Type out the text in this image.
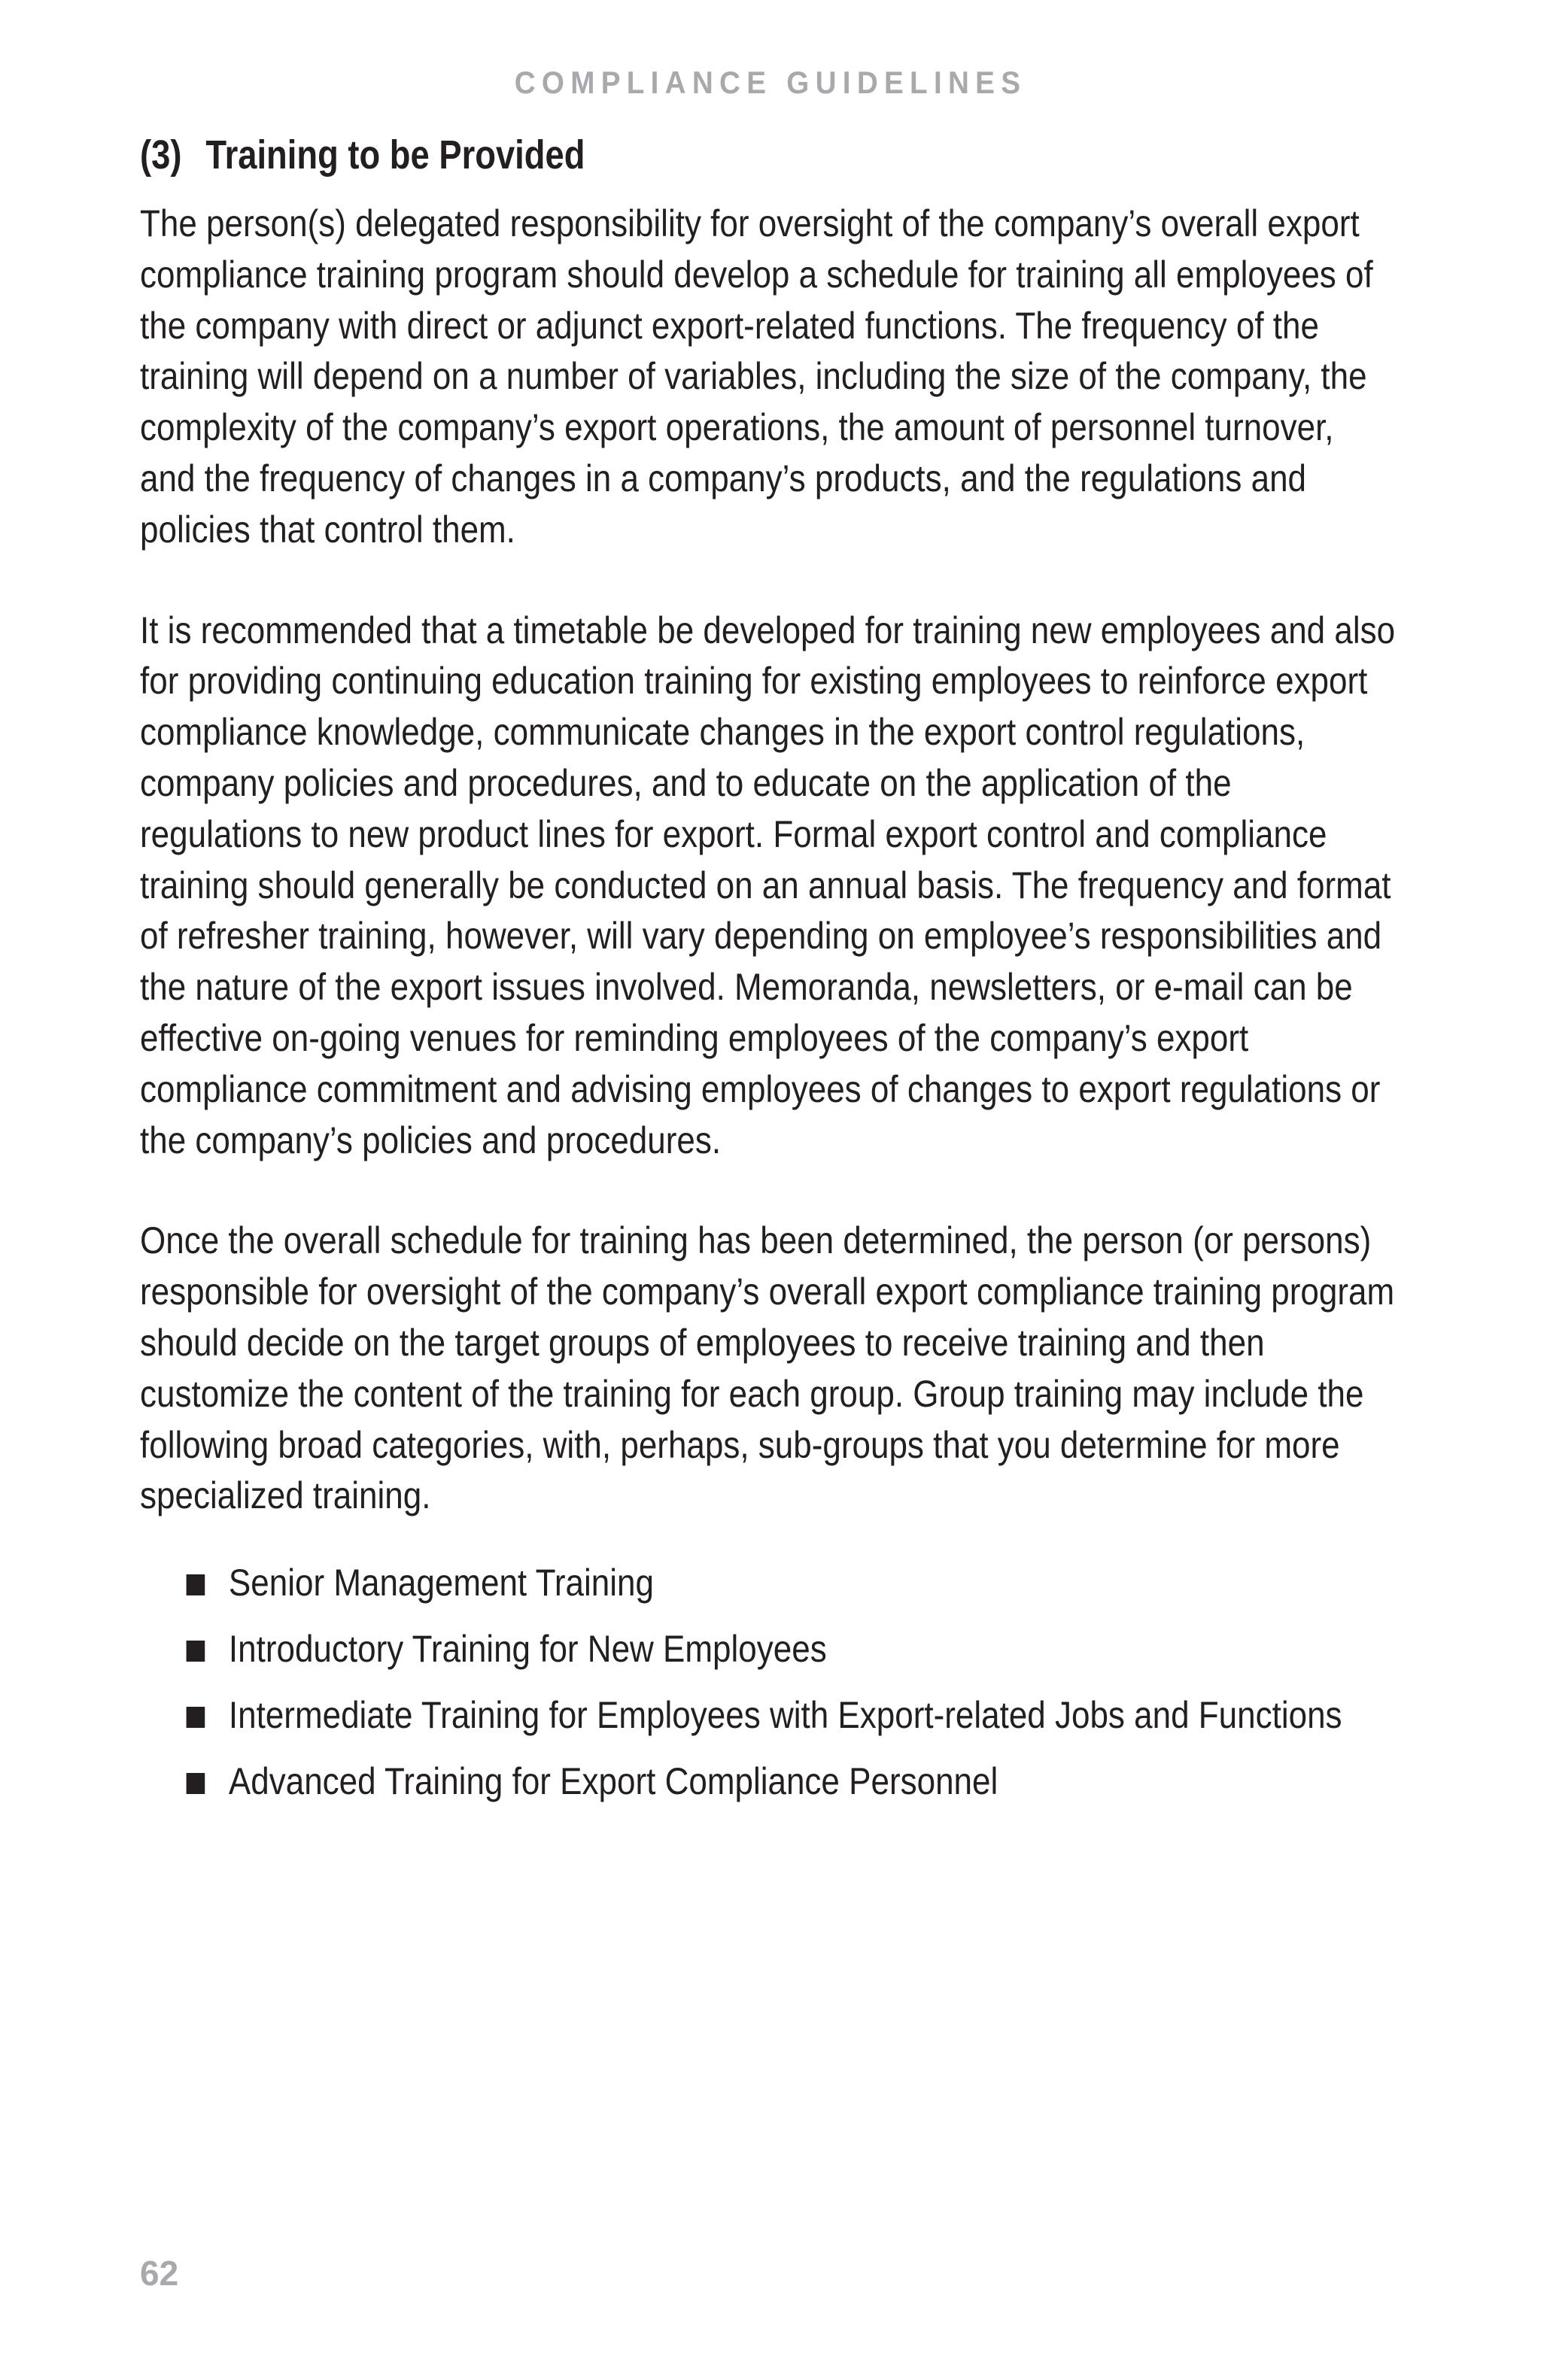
COMPLIANCE GUIDELINES
(3) Training to be Provided

The person(s) delegated responsibility for oversight of the company’s overall export compliance training program should develop a schedule for training all employees of the company with direct or adjunct export-related functions. The frequency of the training will depend on a number of variables, including the size of the company, the complexity of the company’s export operations, the amount of personnel turnover, and the frequency of changes in a company’s products, and the regulations and policies that control them.

It is recommended that a timetable be developed for training new employees and also for providing continuing education training for existing employees to reinforce export compliance knowledge, communicate changes in the export control regulations, company policies and procedures, and to educate on the application of the regulations to new product lines for export. Formal export control and compliance training should generally be conducted on an annual basis. The frequency and format of refresher training, however, will vary depending on employee’s responsibilities and the nature of the export issues involved. Memoranda, newsletters, or e-mail can be effective on-going venues for reminding employees of the company’s export compliance commitment and advising employees of changes to export regulations or the company’s policies and procedures.

Once the overall schedule for training has been determined, the person (or persons) responsible for oversight of the company’s overall export compliance training program should decide on the target groups of employees to receive training and then customize the content of the training for each group. Group training may include the following broad categories, with, perhaps, sub-groups that you determine for more specialized training.

Senior Management Training
Introductory Training for New Employees
Intermediate Training for Employees with Export-related Jobs and Functions
Advanced Training for Export Compliance Personnel
62
